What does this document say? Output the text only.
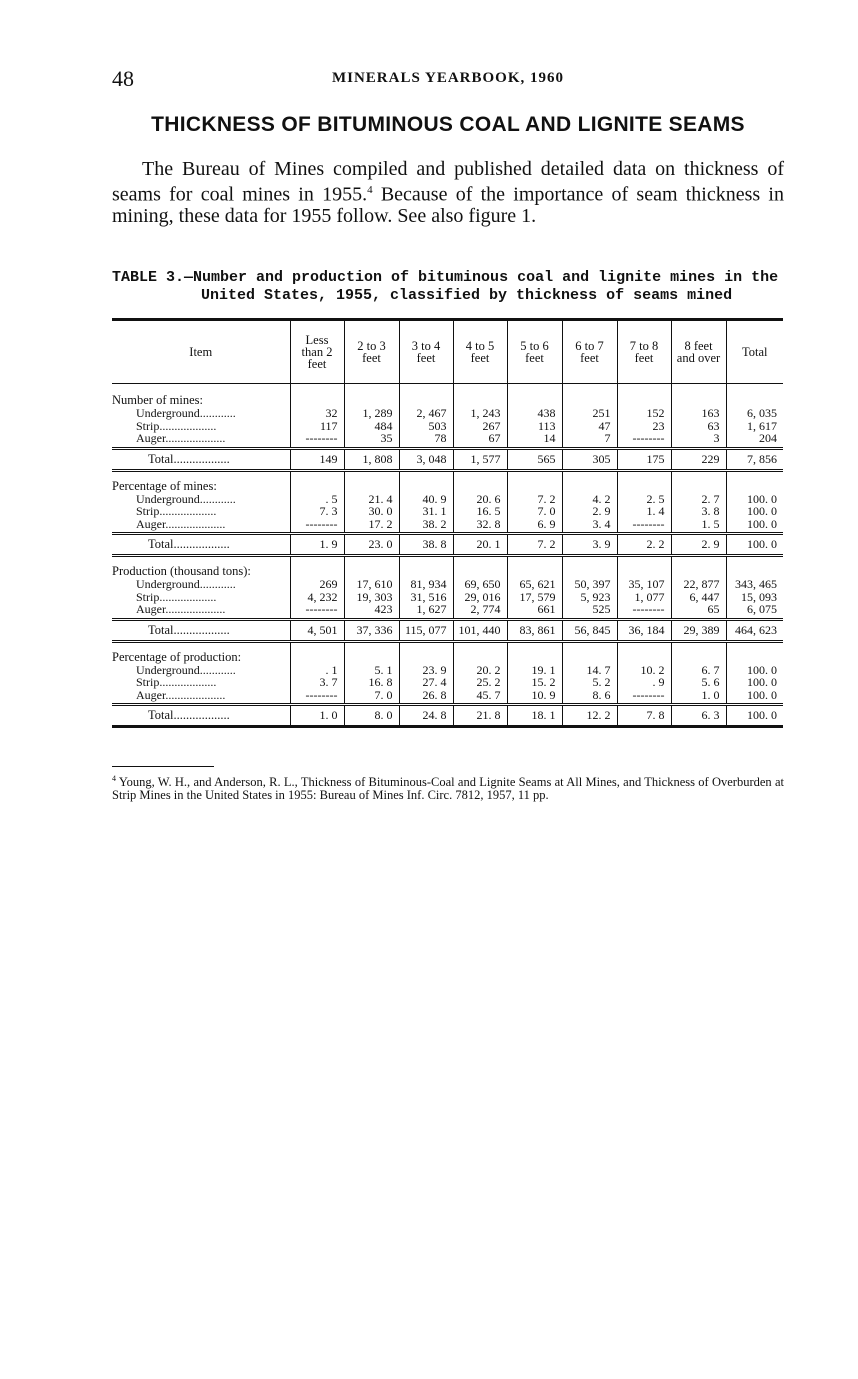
48	MINERALS YEARBOOK, 1960
THICKNESS OF BITUMINOUS COAL AND LIGNITE SEAMS

The Bureau of Mines compiled and published detailed data on thickness of seams for coal mines in 1955.$^4$ Because of the importance of seam thickness in mining, these data for 1955 follow. See also figure 1.

TABLE 3.—Number and production of bituminous coal and lignite mines in the
United States, 1955, classified by thickness of seams mined

Item	Less than 2 feet	2 to 3 feet	3 to 4 feet	4 to 5 feet	5 to 6 feet	6 to 7 feet	7 to 8 feet	8 feet and over	Total
Number of mines:									
Underground............	32	1, 289	2, 467	1, 243	438	251	152	163	6, 035
Strip...................	117	484	503	267	113	47	23	63	1, 617
Auger....................	--------	35	78	67	14	7	--------	3	204
Total..................	149	1, 808	3, 048	1, 577	565	305	175	229	7, 856
Percentage of mines:									
Underground............	. 5	21. 4	40. 9	20. 6	7. 2	4. 2	2. 5	2. 7	100. 0
Strip...................	7. 3	30. 0	31. 1	16. 5	7. 0	2. 9	1. 4	3. 8	100. 0
Auger....................	--------	17. 2	38. 2	32. 8	6. 9	3. 4	--------	1. 5	100. 0
Total..................	1. 9	23. 0	38. 8	20. 1	7. 2	3. 9	2. 2	2. 9	100. 0
Production (thousand tons):									
Underground............	269	17, 610	81, 934	69, 650	65, 621	50, 397	35, 107	22, 877	343, 465
Strip...................	4, 232	19, 303	31, 516	29, 016	17, 579	5, 923	1, 077	6, 447	15, 093
Auger....................	--------	423	1, 627	2, 774	661	525	--------	65	6, 075
Total..................	4, 501	37, 336	115, 077	101, 440	83, 861	56, 845	36, 184	29, 389	464, 623
Percentage of production:									
Underground............	. 1	5. 1	23. 9	20. 2	19. 1	14. 7	10. 2	6. 7	100. 0
Strip...................	3. 7	16. 8	27. 4	25. 2	15. 2	5. 2	. 9	5. 6	100. 0
Auger....................	--------	7. 0	26. 8	45. 7	10. 9	8. 6	--------	1. 0	100. 0
Total..................	1. 0	8. 0	24. 8	21. 8	18. 1	12. 2	7. 8	6. 3	100. 0

$^4$ Young, W. H., and Anderson, R. L., Thickness of Bituminous-Coal and Lignite Seams at All Mines, and Thickness of Overburden at Strip Mines in the United States in 1955: Bureau of Mines Inf. Circ. 7812, 1957, 11 pp.
